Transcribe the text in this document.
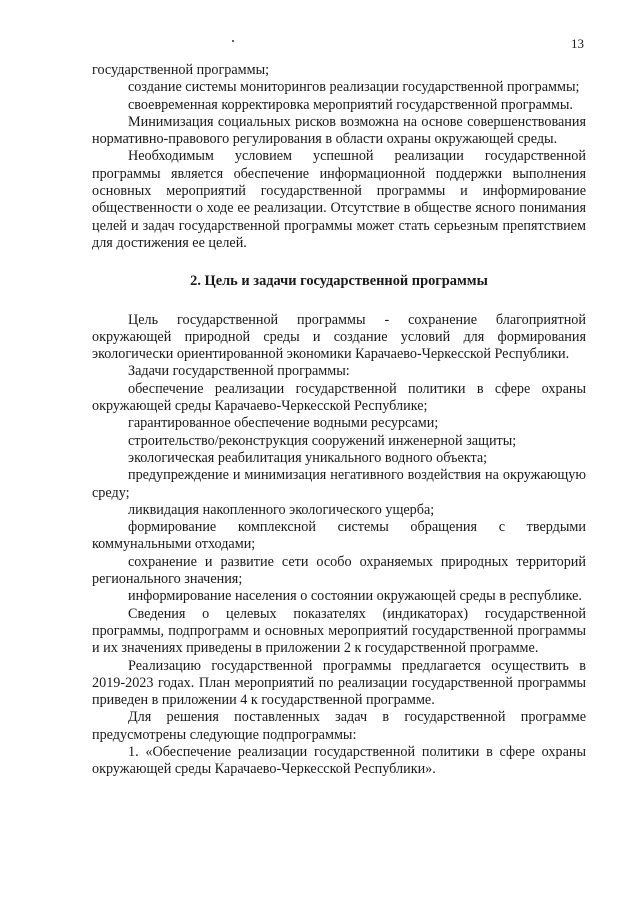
13

государственной программы;

создание системы мониторингов реализации государственной программы;

своевременная корректировка мероприятий государственной программы.

Минимизация социальных рисков возможна на основе совершенствования нормативно-правового регулирования в области охраны окружающей среды.

Необходимым условием успешной реализации государственной программы является обеспечение информационной поддержки выполнения основных мероприятий государственной программы и информирование общественности о ходе ее реализации. Отсутствие в обществе ясного понимания целей и задач государственной программы может стать серьезным препятствием для достижения ее целей.

2. Цель и задачи государственной программы

Цель государственной программы - сохранение благоприятной окружающей природной среды и создание условий для формирования экологически ориентированной экономики Карачаево-Черкесской Республики.

Задачи государственной программы:

обеспечение реализации государственной политики в сфере охраны окружающей среды Карачаево-Черкесской Республике;

гарантированное обеспечение водными ресурсами;

строительство/реконструкция сооружений инженерной защиты;

экологическая реабилитация уникального водного объекта;

предупреждение и минимизация негативного воздействия на окружающую среду;

ликвидация накопленного экологического ущерба;

формирование комплексной системы обращения с твердыми коммунальными отходами;

сохранение и развитие сети особо охраняемых природных территорий регионального значения;

информирование населения о состоянии окружающей среды в республике.

Сведения о целевых показателях (индикаторах) государственной программы, подпрограмм и основных мероприятий государственной программы и их значениях приведены в приложении 2 к государственной программе.

Реализацию государственной программы предлагается осуществить в 2019-2023 годах. План мероприятий по реализации государственной программы приведен в приложении 4 к государственной программе.

Для решения поставленных задач в государственной программе предусмотрены следующие подпрограммы:

1. «Обеспечение реализации государственной политики в сфере охраны окружающей среды Карачаево-Черкесской Республики».
